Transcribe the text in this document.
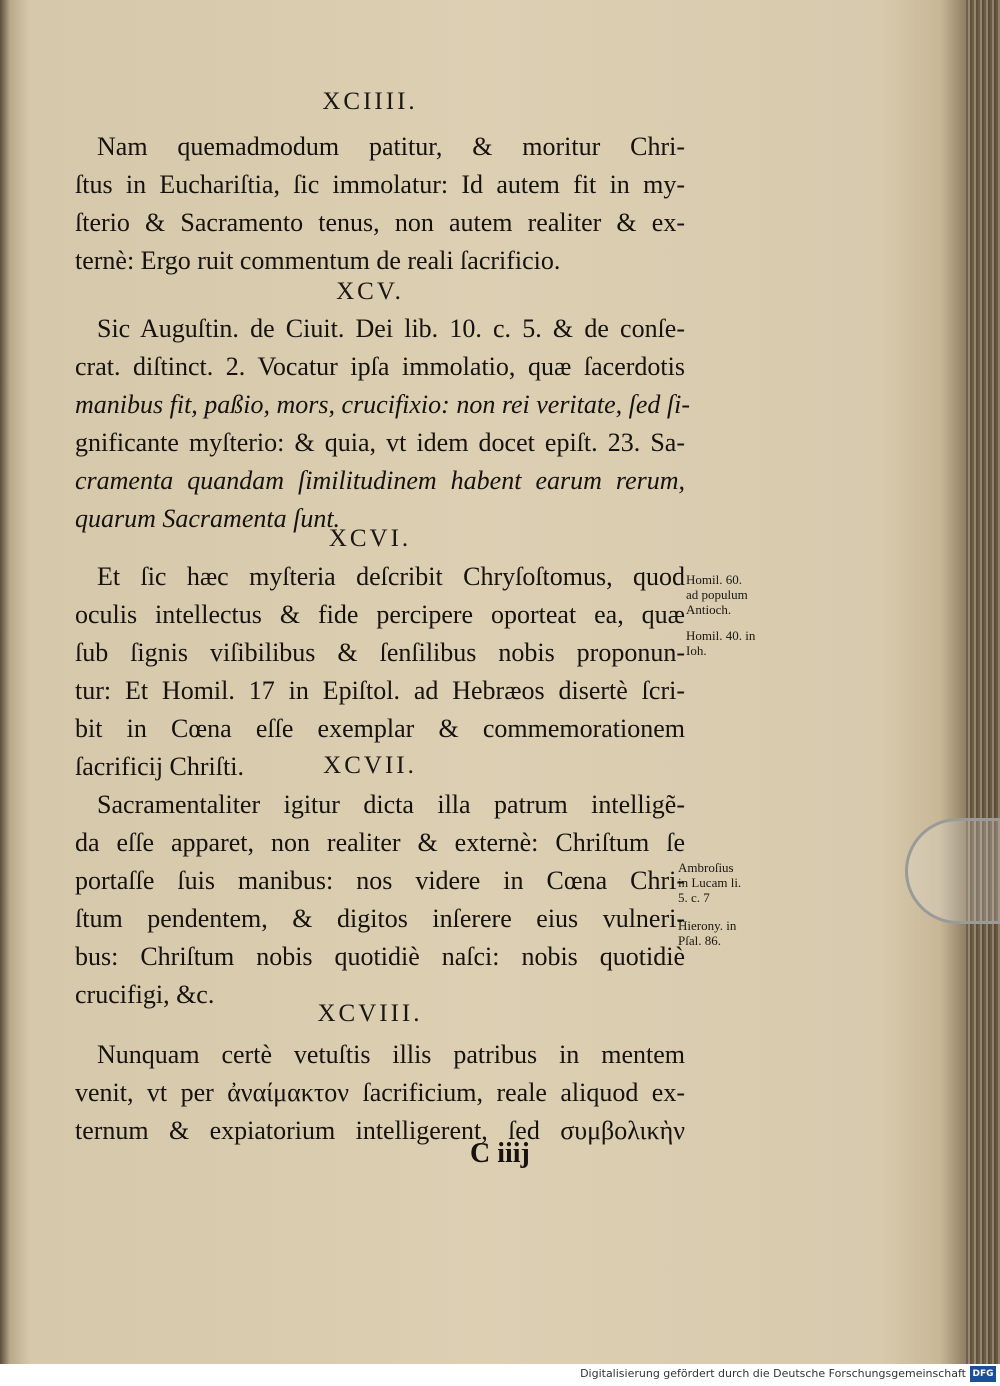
XCIIII.
Nam quemadmodum patitur, & moritur Chri-
ſtus in Euchariſtia, ſic immolatur: Id autem fit in my-
ſterio & Sacramento tenus, non autem realiter & ex-
ternè: Ergo ruit commentum de reali ſacrificio.
XCV.
Sic Auguſtin. de Ciuit. Dei lib. 10. c. 5. & de conſe-
crat. diſtinct. 2. Vocatur ipſa immolatio, quæ ſacerdotis
manibus fit, paßio, mors, crucifixio: non rei veritate, ſed ſi-
gnificante myſterio: & quia, vt idem docet epiſt. 23. Sa-
cramenta quandam ſimilitudinem habent earum rerum,
quarum Sacramenta ſunt.
XCVI.
Et ſic hæc myſteria deſcribit Chryſoſtomus, quod
oculis intellectus & fide percipere oporteat ea, quæ
ſub ſignis viſibilibus & ſenſilibus nobis proponun-
tur: Et Homil. 17 in Epiſtol. ad Hebræos disertè ſcri-
bit in Cœna eſſe exemplar & commemorationem
ſacrificij Chriſti.
Homil. 60.
ad populum
Antioch.
Homil. 40. in
Ioh.
XCVII.
Sacramentaliter igitur dicta illa patrum intelligẽ-
da eſſe apparet, non realiter & externè: Chriſtum ſe
portaſſe ſuis manibus: nos videre in Cœna Chri-
ſtum pendentem, & digitos inſerere eius vulneri-
bus: Chriſtum nobis quotidiè naſci: nobis quotidiè
crucifigi, &c.
Ambroſius
in Lucam li.
5. c. 7
Hierony. in
Pſal. 86.
XCVIII.
Nunquam certè vetuſtis illis patribus in mentem
venit, vt per ἀναίμακτον ſacrificium, reale aliquod ex-
ternum & expiatorium intelligerent, ſed συμβολικὴν
C iiij
Digitalisierung gefördert durch die Deutsche Forschungsgemeinschaft DFG
